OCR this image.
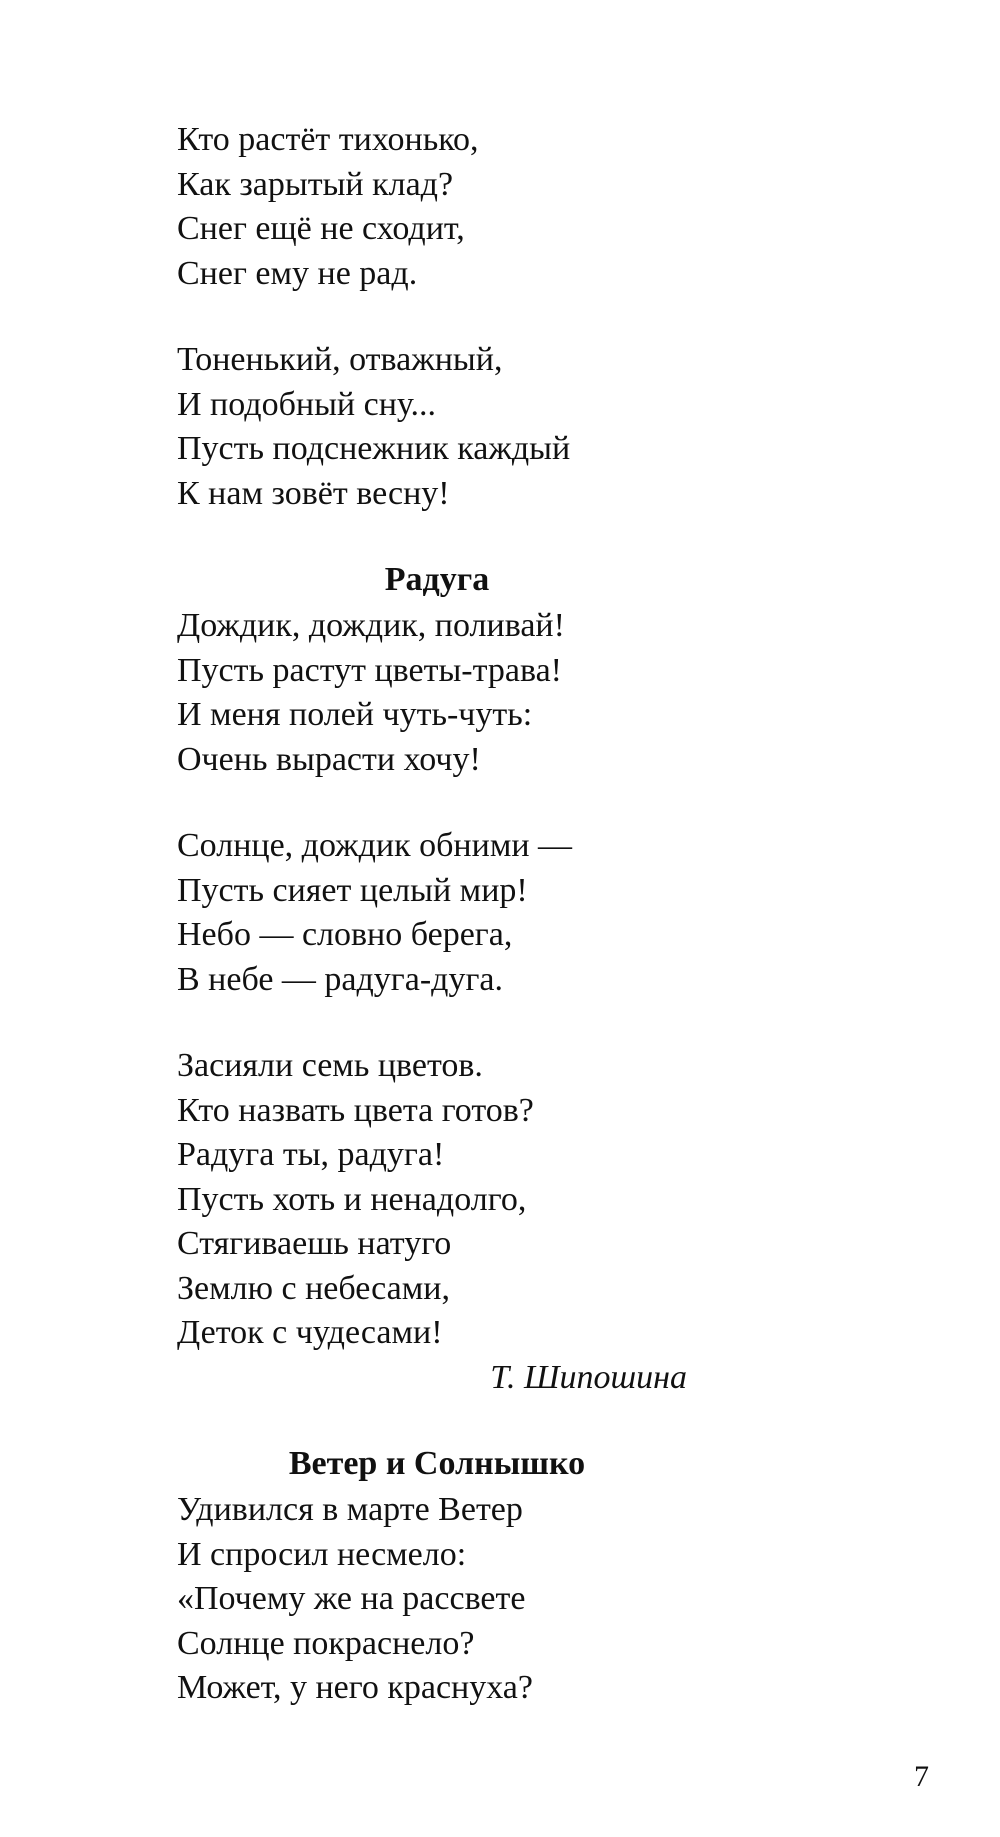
Кто растёт тихонько,
Как зарытый клад?
Снег ещё не сходит,
Снег ему не рад.
Тоненький, отважный,
И подобный сну...
Пусть подснежник каждый
К нам зовёт весну!
Радуга
Дождик, дождик, поливай!
Пусть растут цветы-трава!
И меня полей чуть-чуть:
Очень вырасти хочу!
Солнце, дождик обними —
Пусть сияет целый мир!
Небо — словно берега,
В небе — радуга-дуга.
Засияли семь цветов.
Кто назвать цвета готов?
Радуга ты, радуга!
Пусть хоть и ненадолго,
Стягиваешь натуго
Землю с небесами,
Деток с чудесами!
Т. Шипошина
Ветер и Солнышко
Удивился в марте Ветер
И спросил несмело:
«Почему же на рассвете
Солнце покраснело?
Может, у него краснуха?
7
